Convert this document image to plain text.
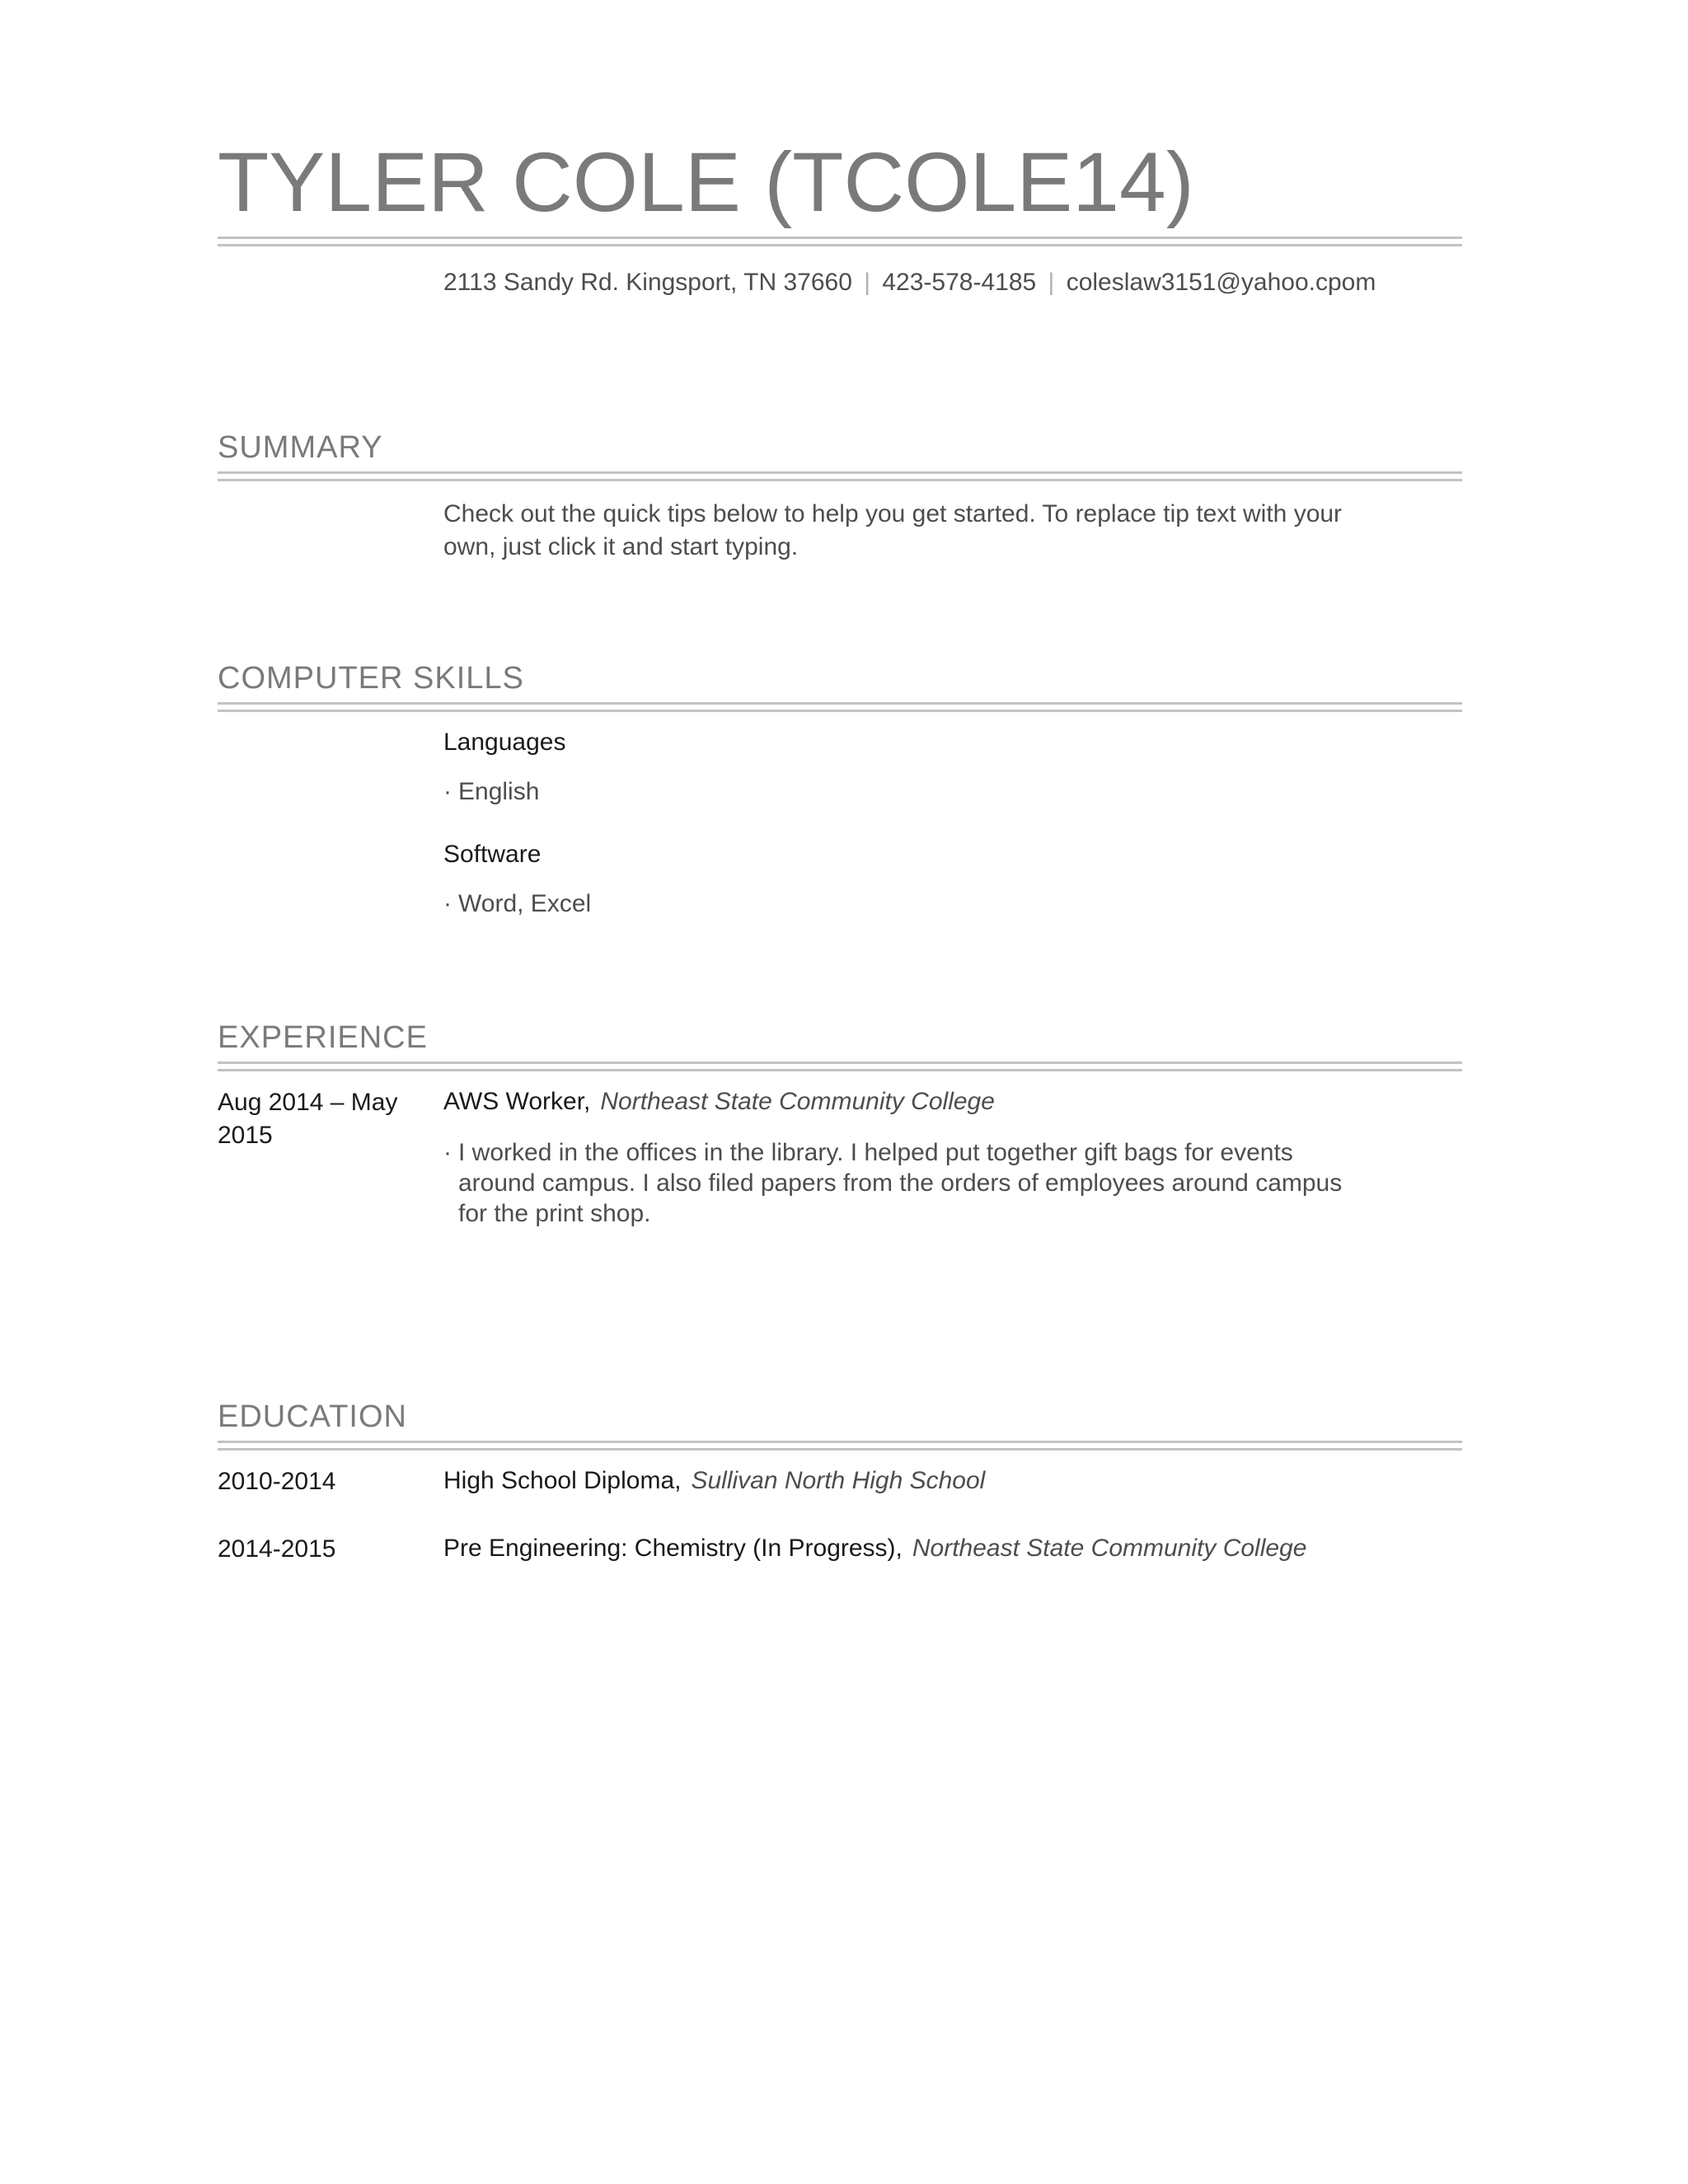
TYLER COLE (TCOLE14)
2113 Sandy Rd. Kingsport, TN 37660 | 423-578-4185 | coleslaw3151@yahoo.cpom
SUMMARY
Check out the quick tips below to help you get started. To replace tip text with your own, just click it and start typing.
COMPUTER SKILLS
Languages
· English
Software
· Word, Excel
EXPERIENCE
Aug 2014 – May 2015
AWS Worker, Northeast State Community College
· I worked in the offices in the library. I helped put together gift bags for events around campus. I also filed papers from the orders of employees around campus for the print shop.
EDUCATION
2010-2014	High School Diploma, Sullivan North High School
2014-2015	Pre Engineering: Chemistry (In Progress), Northeast State Community College
